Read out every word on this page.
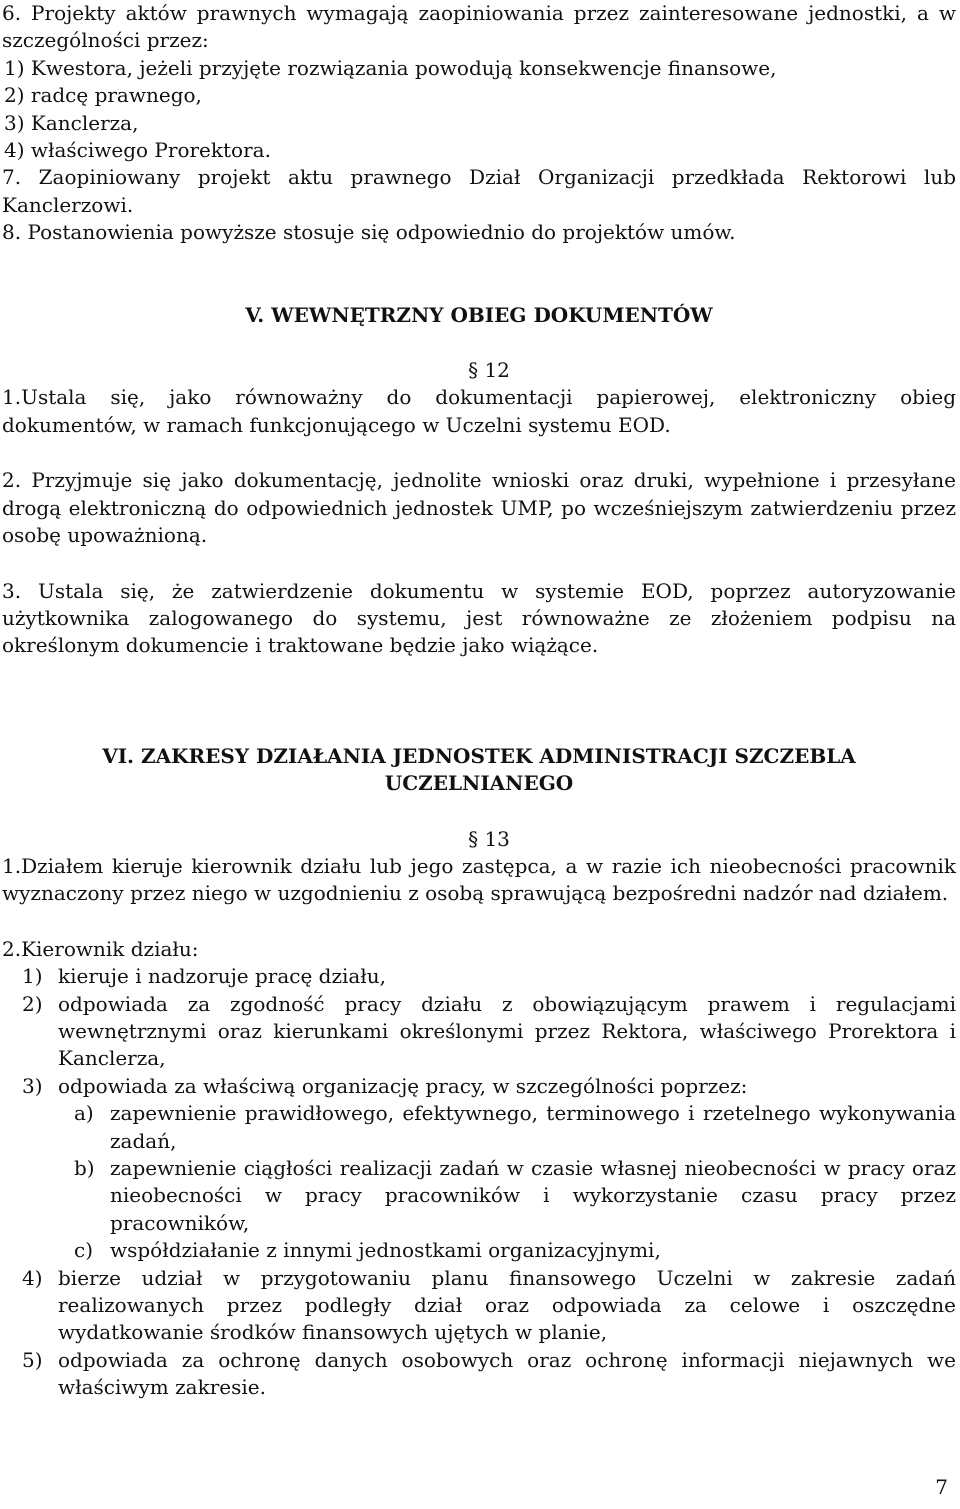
6. Projekty aktów prawnych wymagają zaopiniowania przez zainteresowane jednostki, a w szczególności przez:

1) Kwestora, jeżeli przyjęte rozwiązania powodują konsekwencje finansowe,

2) radcę prawnego,

3) Kanclerza,

4) właściwego Prorektora.

7. Zaopiniowany projekt aktu prawnego Dział Organizacji przedkłada Rektorowi lub Kanclerzowi.

8. Postanowienia powyższe stosuje się odpowiednio do projektów umów.

V. WEWNĘTRZNY OBIEG DOKUMENTÓW

§ 12

1.Ustala się, jako równoważny do dokumentacji papierowej, elektroniczny obieg dokumentów, w ramach funkcjonującego w Uczelni systemu EOD.

2. Przyjmuje się jako dokumentację, jednolite wnioski oraz druki, wypełnione i przesyłane drogą elektroniczną do odpowiednich jednostek UMP, po wcześniejszym zatwierdzeniu przez osobę upoważnioną.

3. Ustala się, że zatwierdzenie dokumentu w systemie EOD, poprzez autoryzowanie użytkownika zalogowanego do systemu, jest równoważne ze złożeniem podpisu na określonym dokumencie i traktowane będzie jako wiążące.

VI. ZAKRESY DZIAŁANIA JEDNOSTEK ADMINISTRACJI SZCZEBLA

UCZELNIANEGO

§ 13

1.Działem kieruje kierownik działu lub jego zastępca, a w razie ich nieobecności pracownik wyznaczony przez niego w uzgodnieniu z osobą sprawującą bezpośredni nadzór nad działem.

2.Kierownik działu:

1) kieruje i nadzoruje pracę działu,
2) odpowiada za zgodność pracy działu z obowiązującym prawem i regulacjami wewnętrznymi oraz kierunkami określonymi przez Rektora, właściwego Prorektora i Kanclerza,
3) odpowiada za właściwą organizację pracy, w szczególności poprzez:
a) zapewnienie prawidłowego, efektywnego, terminowego i rzetelnego wykonywania zadań,
b) zapewnienie ciągłości realizacji zadań w czasie własnej nieobecności w pracy oraz nieobecności w pracy pracowników i wykorzystanie czasu pracy przez pracowników,
c) współdziałanie z innymi jednostkami organizacyjnymi,
4) bierze udział w przygotowaniu planu finansowego Uczelni w zakresie zadań realizowanych przez podległy dział oraz odpowiada za celowe i oszczędne wydatkowanie środków finansowych ujętych w planie,
5) odpowiada za ochronę danych osobowych oraz ochronę informacji niejawnych we właściwym zakresie.
7
